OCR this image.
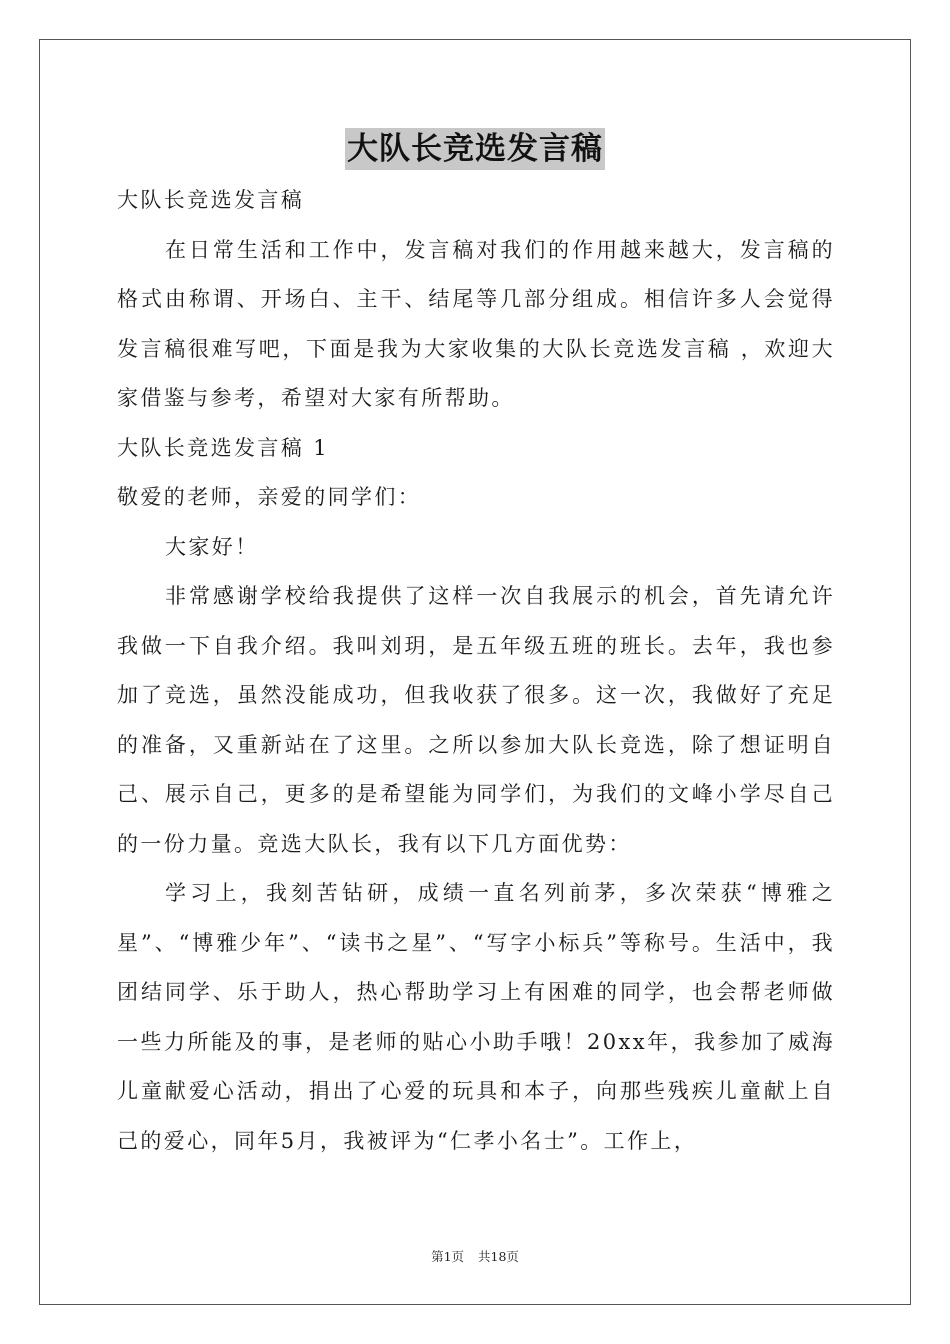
大队长竞选发言稿

大队长竞选发言稿

在日常生活和工作中，发言稿对我们的作用越来越大，发言稿的格式由称谓、开场白、主干、结尾等几部分组成。相信许多人会觉得发言稿很难写吧，下面是我为大家收集的大队长竞选发言稿 ，欢迎大家借鉴与参考，希望对大家有所帮助。

大队长竞选发言稿 1

敬爱的老师，亲爱的同学们：

大家好！

非常感谢学校给我提供了这样一次自我展示的机会，首先请允许我做一下自我介绍。我叫刘玥，是五年级五班的班长。去年，我也参加了竞选，虽然没能成功，但我收获了很多。这一次，我做好了充足的准备，又重新站在了这里。之所以参加大队长竞选，除了想证明自己、展示自己，更多的是希望能为同学们，为我们的文峰小学尽自己的一份力量。竞选大队长，我有以下几方面优势：

学习上，我刻苦钻研，成绩一直名列前茅，多次荣获“博雅之星”、“博雅少年”、“读书之星”、“写字小标兵”等称号。生活中，我团结同学、乐于助人，热心帮助学习上有困难的同学，也会帮老师做一些力所能及的事，是老师的贴心小助手哦！20xx年，我参加了威海儿童献爱心活动，捐出了心爱的玩具和本子，向那些残疾儿童献上自己的爱心，同年5月，我被评为“仁孝小名士”。工作上，

第1页 共18页
